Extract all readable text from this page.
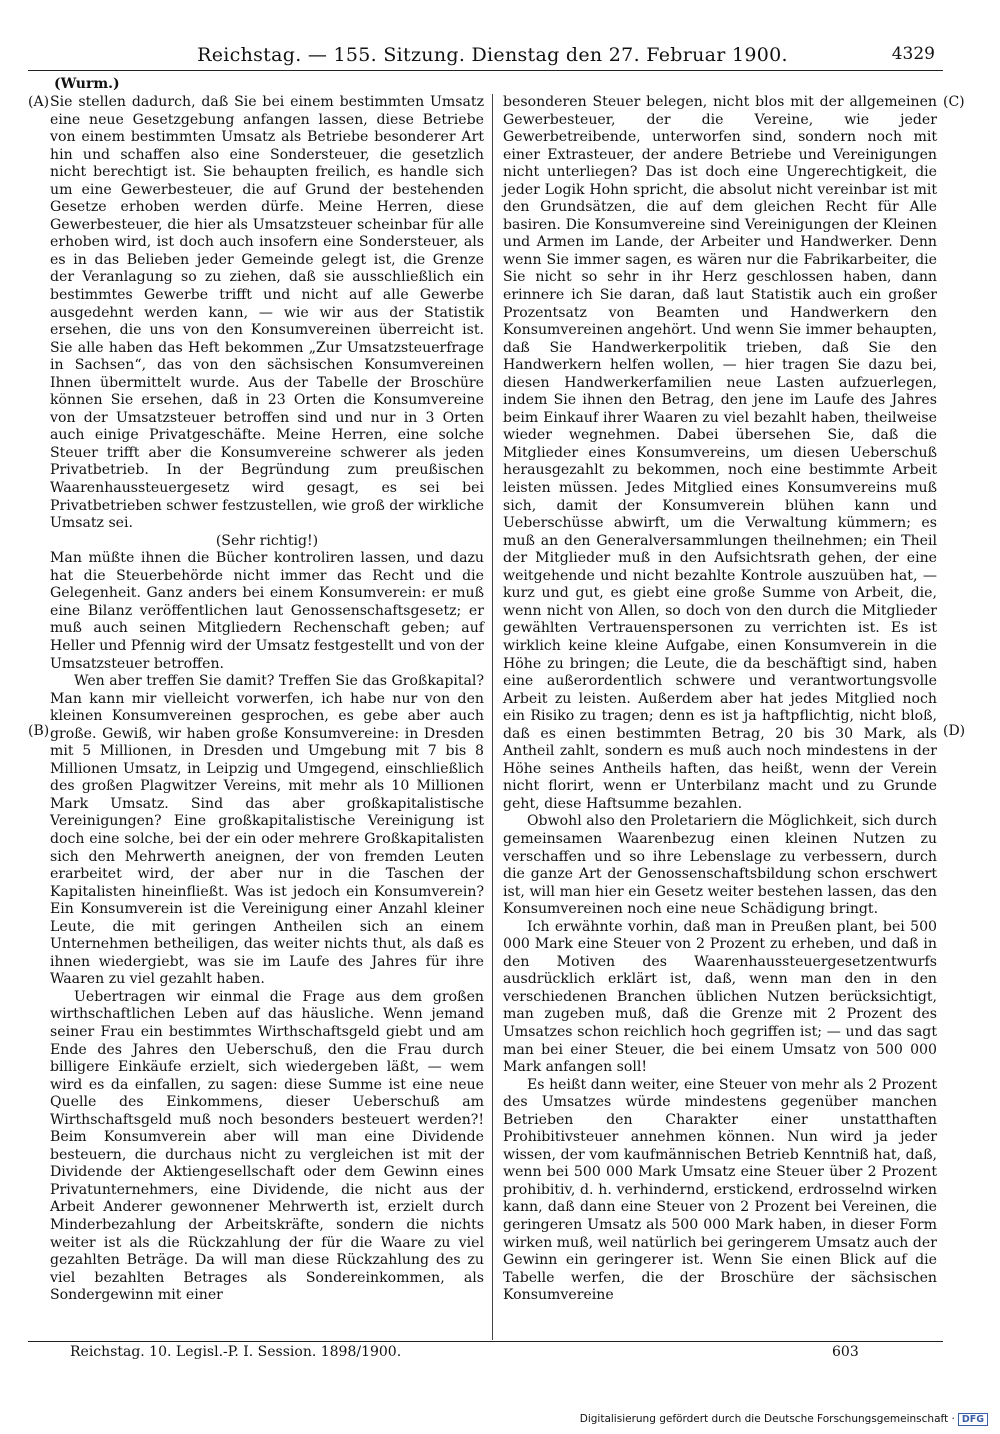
Reichstag. — 155. Sitzung. Dienstag den 27. Februar 1900.	4329
(Wurm.)
(A)
(B)
(C)
(D)

Sie stellen dadurch, daß Sie bei einem bestimmten Umsatz eine neue Gesetzgebung anfangen lassen, diese Betriebe von einem bestimmten Umsatz als Betriebe besonderer Art hin und schaffen also eine Sondersteuer, die gesetzlich nicht berechtigt ist. Sie behaupten freilich, es handle sich um eine Gewerbesteuer, die auf Grund der bestehenden Gesetze erhoben werden dürfe. Meine Herren, diese Gewerbesteuer, die hier als Umsatzsteuer scheinbar für alle erhoben wird, ist doch auch insofern eine Sondersteuer, als es in das Belieben jeder Gemeinde gelegt ist, die Grenze der Veranlagung so zu ziehen, daß sie ausschließlich ein bestimmtes Gewerbe trifft und nicht auf alle Gewerbe ausgedehnt werden kann, — wie wir aus der Statistik ersehen, die uns von den Konsumvereinen überreicht ist. Sie alle haben das Heft bekommen „Zur Umsatzsteuerfrage in Sachsen“, das von den sächsischen Konsumvereinen Ihnen übermittelt wurde. Aus der Tabelle der Broschüre können Sie ersehen, daß in 23 Orten die Konsumvereine von der Umsatzsteuer betroffen sind und nur in 3 Orten auch einige Privatgeschäfte. Meine Herren, eine solche Steuer trifft aber die Konsumvereine schwerer als jeden Privatbetrieb. In der Begründung zum preußischen Waarenhaussteuergesetz wird gesagt, es sei bei Privatbetrieben schwer festzustellen, wie groß der wirkliche Umsatz sei.

(Sehr richtig!)

Man müßte ihnen die Bücher kontroliren lassen, und dazu hat die Steuerbehörde nicht immer das Recht und die Gelegenheit. Ganz anders bei einem Konsumverein: er muß eine Bilanz veröffentlichen laut Genossenschaftsgesetz; er muß auch seinen Mitgliedern Rechenschaft geben; auf Heller und Pfennig wird der Umsatz festgestellt und von der Umsatzsteuer betroffen.

Wen aber treffen Sie damit? Treffen Sie das Großkapital? Man kann mir vielleicht vorwerfen, ich habe nur von den kleinen Konsumvereinen gesprochen, es gebe aber auch große. Gewiß, wir haben große Konsumvereine: in Dresden mit 5 Millionen, in Dresden und Umgebung mit 7 bis 8 Millionen Umsatz, in Leipzig und Umgegend, einschließlich des großen Plagwitzer Vereins, mit mehr als 10 Millionen Mark Umsatz. Sind das aber großkapitalistische Vereinigungen? Eine großkapitalistische Vereinigung ist doch eine solche, bei der ein oder mehrere Großkapitalisten sich den Mehrwerth aneignen, der von fremden Leuten erarbeitet wird, der aber nur in die Taschen der Kapitalisten hineinfließt. Was ist jedoch ein Konsumverein? Ein Konsumverein ist die Vereinigung einer Anzahl kleiner Leute, die mit geringen Antheilen sich an einem Unternehmen betheiligen, das weiter nichts thut, als daß es ihnen wiedergiebt, was sie im Laufe des Jahres für ihre Waaren zu viel gezahlt haben.

Uebertragen wir einmal die Frage aus dem großen wirthschaftlichen Leben auf das häusliche. Wenn jemand seiner Frau ein bestimmtes Wirthschaftsgeld giebt und am Ende des Jahres den Ueberschuß, den die Frau durch billigere Einkäufe erzielt, sich wiedergeben läßt, — wem wird es da einfallen, zu sagen: diese Summe ist eine neue Quelle des Einkommens, dieser Ueberschuß am Wirthschaftsgeld muß noch besonders besteuert werden?! Beim Konsumverein aber will man eine Dividende besteuern, die durchaus nicht zu vergleichen ist mit der Dividende der Aktiengesellschaft oder dem Gewinn eines Privatunternehmers, eine Dividende, die nicht aus der Arbeit Anderer gewonnener Mehrwerth ist, erzielt durch Minderbezahlung der Arbeitskräfte, sondern die nichts weiter ist als die Rückzahlung der für die Waare zu viel gezahlten Beträge. Da will man diese Rückzahlung des zu viel bezahlten Betrages als Sondereinkommen, als Sondergewinn mit einer

besonderen Steuer belegen, nicht blos mit der allgemeinen Gewerbesteuer, der die Vereine, wie jeder Gewerbetreibende, unterworfen sind, sondern noch mit einer Extrasteuer, der andere Betriebe und Vereinigungen nicht unterliegen? Das ist doch eine Ungerechtigkeit, die jeder Logik Hohn spricht, die absolut nicht vereinbar ist mit den Grundsätzen, die auf dem gleichen Recht für Alle basiren. Die Konsumvereine sind Vereinigungen der Kleinen und Armen im Lande, der Arbeiter und Handwerker. Denn wenn Sie immer sagen, es wären nur die Fabrikarbeiter, die Sie nicht so sehr in ihr Herz geschlossen haben, dann erinnere ich Sie daran, daß laut Statistik auch ein großer Prozentsatz von Beamten und Handwerkern den Konsumvereinen angehört. Und wenn Sie immer behaupten, daß Sie Handwerkerpolitik trieben, daß Sie den Handwerkern helfen wollen, — hier tragen Sie dazu bei, diesen Handwerkerfamilien neue Lasten aufzuerlegen, indem Sie ihnen den Betrag, den jene im Laufe des Jahres beim Einkauf ihrer Waaren zu viel bezahlt haben, theilweise wieder wegnehmen. Dabei übersehen Sie, daß die Mitglieder eines Konsumvereins, um diesen Ueberschuß herausgezahlt zu bekommen, noch eine bestimmte Arbeit leisten müssen. Jedes Mitglied eines Konsumvereins muß sich, damit der Konsumverein blühen kann und Ueberschüsse abwirft, um die Verwaltung kümmern; es muß an den Generalversammlungen theilnehmen; ein Theil der Mitglieder muß in den Aufsichtsrath gehen, der eine weitgehende und nicht bezahlte Kontrole auszuüben hat, — kurz und gut, es giebt eine große Summe von Arbeit, die, wenn nicht von Allen, so doch von den durch die Mitglieder gewählten Vertrauenspersonen zu verrichten ist. Es ist wirklich keine kleine Aufgabe, einen Konsumverein in die Höhe zu bringen; die Leute, die da beschäftigt sind, haben eine außerordentlich schwere und verantwortungsvolle Arbeit zu leisten. Außerdem aber hat jedes Mitglied noch ein Risiko zu tragen; denn es ist ja haftpflichtig, nicht bloß, daß es einen bestimmten Betrag, 20 bis 30 Mark, als Antheil zahlt, sondern es muß auch noch mindestens in der Höhe seines Antheils haften, das heißt, wenn der Verein nicht florirt, wenn er Unterbilanz macht und zu Grunde geht, diese Haftsumme bezahlen.

Obwohl also den Proletariern die Möglichkeit, sich durch gemeinsamen Waarenbezug einen kleinen Nutzen zu verschaffen und so ihre Lebenslage zu verbessern, durch die ganze Art der Genossenschaftsbildung schon erschwert ist, will man hier ein Gesetz weiter bestehen lassen, das den Konsumvereinen noch eine neue Schädigung bringt.

Ich erwähnte vorhin, daß man in Preußen plant, bei 500 000 Mark eine Steuer von 2 Prozent zu erheben, und daß in den Motiven des Waarenhaussteuergesetzentwurfs ausdrücklich erklärt ist, daß, wenn man den in den verschiedenen Branchen üblichen Nutzen berücksichtigt, man zugeben muß, daß die Grenze mit 2 Prozent des Umsatzes schon reichlich hoch gegriffen ist; — und das sagt man bei einer Steuer, die bei einem Umsatz von 500 000 Mark anfangen soll!

Es heißt dann weiter, eine Steuer von mehr als 2 Prozent des Umsatzes würde mindestens gegenüber manchen Betrieben den Charakter einer unstatthaften Prohibitivsteuer annehmen können. Nun wird ja jeder wissen, der vom kaufmännischen Betrieb Kenntniß hat, daß, wenn bei 500 000 Mark Umsatz eine Steuer über 2 Prozent prohibitiv, d. h. verhindernd, erstickend, erdrosselnd wirken kann, daß dann eine Steuer von 2 Prozent bei Vereinen, die geringeren Umsatz als 500 000 Mark haben, in dieser Form wirken muß, weil natürlich bei geringerem Umsatz auch der Gewinn ein geringerer ist. Wenn Sie einen Blick auf die Tabelle werfen, die der Broschüre der sächsischen Konsumvereine

Reichstag. 10. Legisl.-P. I. Session. 1898/1900.	603
Digitalisierung gefördert durch die Deutsche Forschungsgemeinschaft · DFG
